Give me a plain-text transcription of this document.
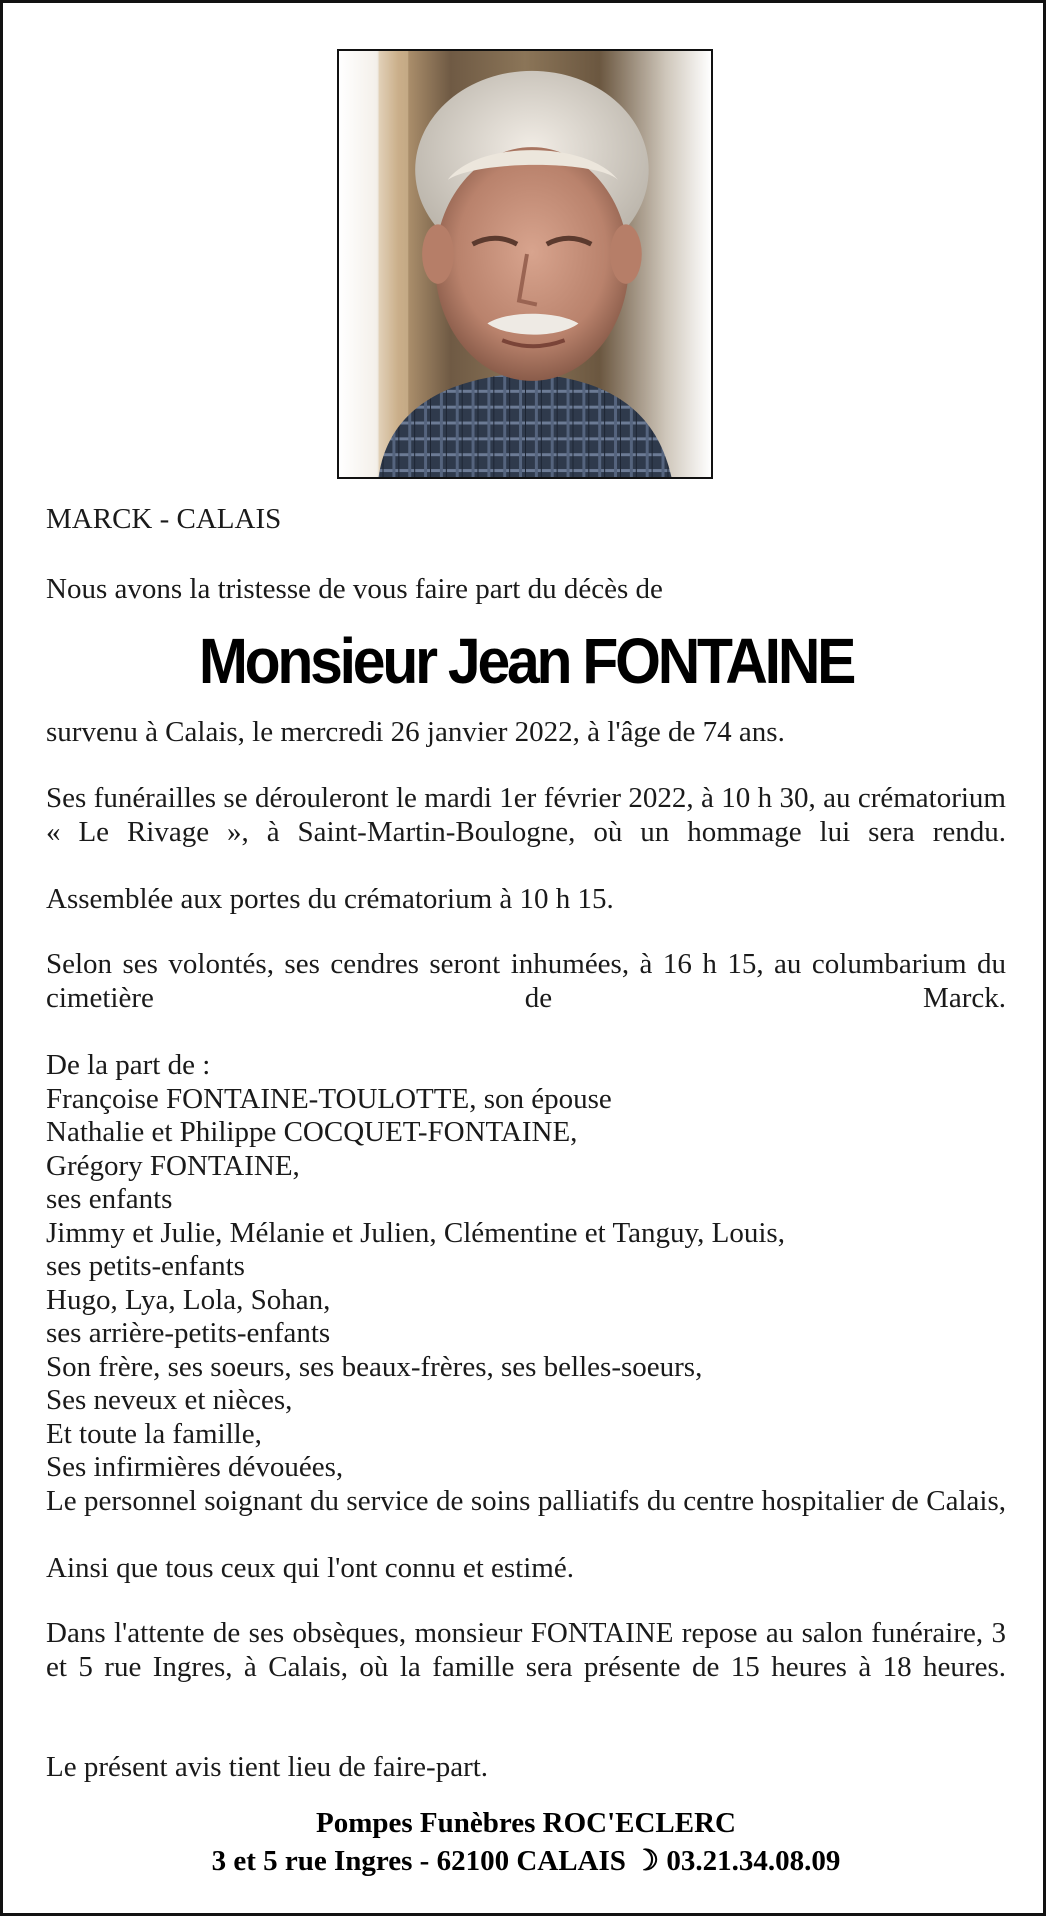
MARCK - CALAIS
Nous avons la tristesse de vous faire part du décès de
Monsieur Jean FONTAINE
survenu à Calais, le mercredi 26 janvier 2022, à l'âge de 74 ans.
Ses funérailles se dérouleront le mardi 1er février 2022, à 10 h 30, au crématorium « Le Rivage », à Saint-Martin-Boulogne, où un hommage lui sera rendu.
Assemblée aux portes du crématorium à 10 h 15.
Selon ses volontés, ses cendres seront inhumées, à 16 h 15, au columbarium du cimetière de Marck.
De la part de :
Françoise FONTAINE-TOULOTTE, son épouse
Nathalie et Philippe COCQUET-FONTAINE,
Grégory FONTAINE,
ses enfants
Jimmy et Julie, Mélanie et Julien, Clémentine et Tanguy, Louis,
ses petits-enfants
Hugo, Lya, Lola, Sohan,
ses arrière-petits-enfants
Son frère, ses soeurs, ses beaux-frères, ses belles-soeurs,
Ses neveux et nièces,
Et toute la famille,
Ses infirmières dévouées,
Le personnel soignant du service de soins palliatifs du centre hospitalier de Calais,
Ainsi que tous ceux qui l'ont connu et estimé.
Dans l'attente de ses obsèques, monsieur FONTAINE repose au salon funéraire, 3 et 5 rue Ingres, à Calais, où la famille sera présente de 15 heures à 18 heures.
Le présent avis tient lieu de faire-part.
Pompes Funèbres ROC'ECLERC
3 et 5 rue Ingres - 62100 CALAIS ☽ 03.21.34.08.09
